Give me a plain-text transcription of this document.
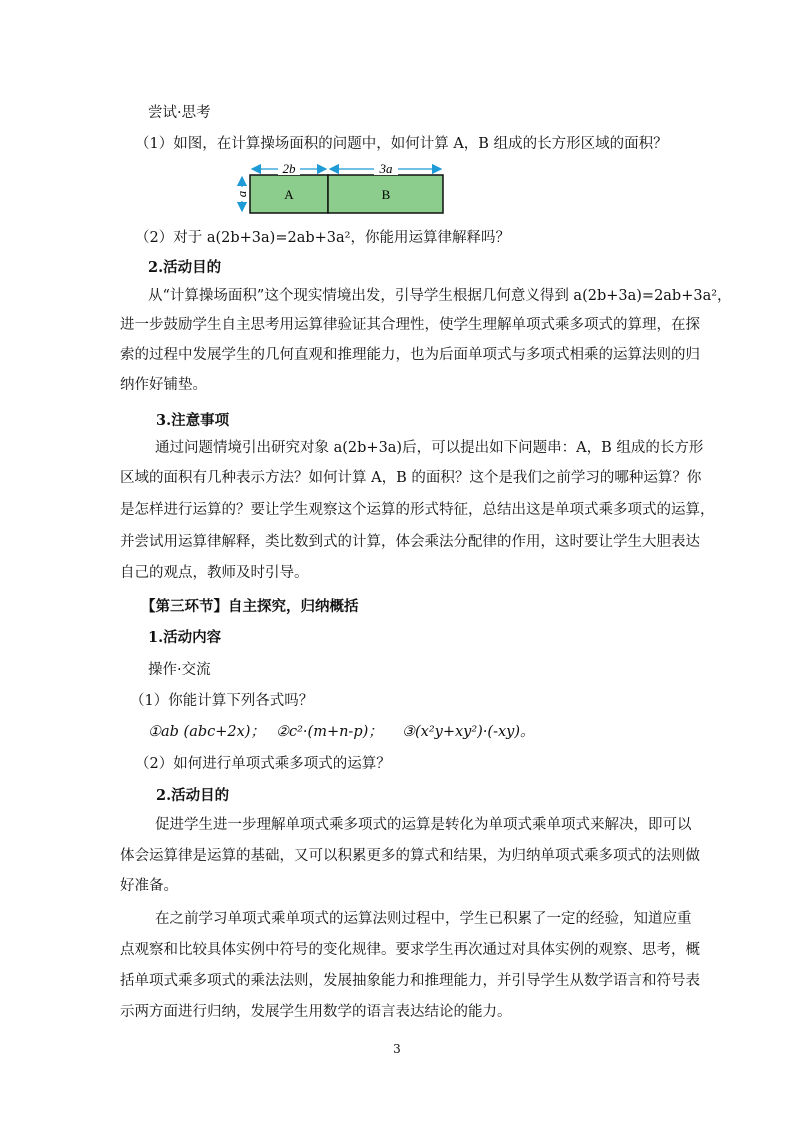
尝试·思考
（1）如图，在计算操场面积的问题中，如何计算 A，B 组成的长方形区域的面积？
2b	3a
a	A	B
（2）对于 a(2b+3a)=2ab+3a²，你能用运算律解释吗？
2.活动目的
从“计算操场面积”这个现实情境出发，引导学生根据几何意义得到 a(2b+3a)=2ab+3a²，
进一步鼓励学生自主思考用运算律验证其合理性，使学生理解单项式乘多项式的算理，在探
索的过程中发展学生的几何直观和推理能力，也为后面单项式与多项式相乘的运算法则的归
纳作好铺垫。
3.注意事项
通过问题情境引出研究对象 a(2b+3a)后，可以提出如下问题串：A，B 组成的长方形
区域的面积有几种表示方法？如何计算 A，B 的面积？这个是我们之前学习的哪种运算？你
是怎样进行运算的？要让学生观察这个运算的形式特征，总结出这是单项式乘多项式的运算，
并尝试用运算律解释，类比数到式的计算，体会乘法分配律的作用，这时要让学生大胆表达
自己的观点，教师及时引导。
【第三环节】自主探究，归纳概括
1.活动内容
操作·交流
（1）你能计算下列各式吗？
①ab (abc+2x)； ②c²·(m+n-p)； ③(x²y+xy²)·(-xy)。
（2）如何进行单项式乘多项式的运算？
2.活动目的
促进学生进一步理解单项式乘多项式的运算是转化为单项式乘单项式来解决，即可以
体会运算律是运算的基础，又可以积累更多的算式和结果，为归纳单项式乘多项式的法则做
好准备。
在之前学习单项式乘单项式的运算法则过程中，学生已积累了一定的经验，知道应重
点观察和比较具体实例中符号的变化规律。要求学生再次通过对具体实例的观察、思考，概
括单项式乘多项式的乘法法则，发展抽象能力和推理能力，并引导学生从数学语言和符号表
示两方面进行归纳，发展学生用数学的语言表达结论的能力。
3
